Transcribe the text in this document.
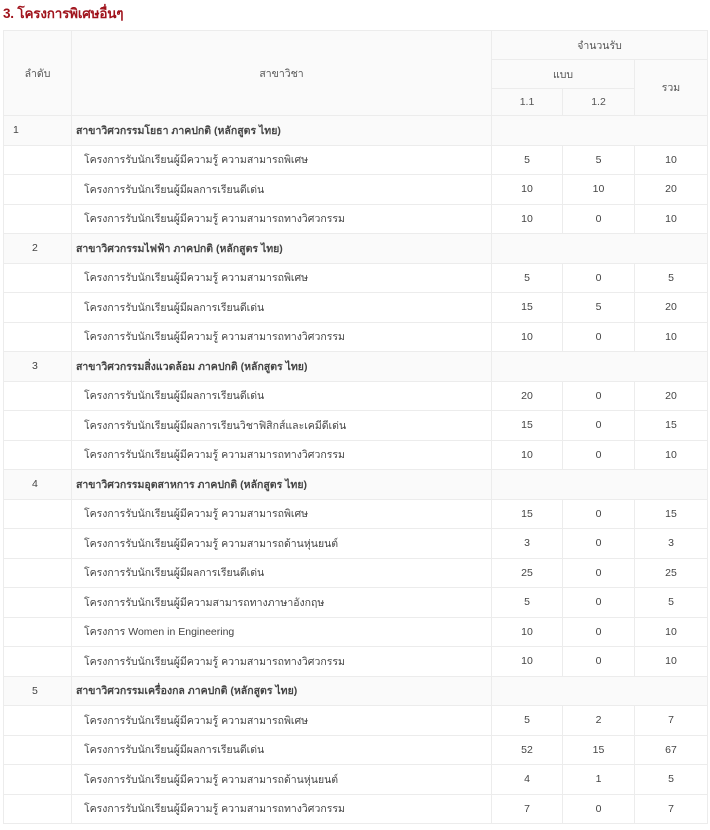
3. โครงการพิเศษอื่นๆ
ลำดับ	สาขาวิชา	จำนวนรับ		
		แบบ		รวม
		1.1	1.2	
1	สาขาวิศวกรรมโยธา ภาคปกติ (หลักสูตร ไทย)			
	โครงการรับนักเรียนผู้มีความรู้ ความสามารถพิเศษ	5	5	10
	โครงการรับนักเรียนผู้มีผลการเรียนดีเด่น	10	10	20
	โครงการรับนักเรียนผู้มีความรู้ ความสามารถทางวิศวกรรม	10	0	10
2	สาขาวิศวกรรมไฟฟ้า ภาคปกติ (หลักสูตร ไทย)			
	โครงการรับนักเรียนผู้มีความรู้ ความสามารถพิเศษ	5	0	5
	โครงการรับนักเรียนผู้มีผลการเรียนดีเด่น	15	5	20
	โครงการรับนักเรียนผู้มีความรู้ ความสามารถทางวิศวกรรม	10	0	10
3	สาขาวิศวกรรมสิ่งแวดล้อม ภาคปกติ (หลักสูตร ไทย)			
	โครงการรับนักเรียนผู้มีผลการเรียนดีเด่น	20	0	20
	โครงการรับนักเรียนผู้มีผลการเรียนวิชาฟิสิกส์และเคมีดีเด่น	15	0	15
	โครงการรับนักเรียนผู้มีความรู้ ความสามารถทางวิศวกรรม	10	0	10
4	สาขาวิศวกรรมอุตสาหการ ภาคปกติ (หลักสูตร ไทย)			
	โครงการรับนักเรียนผู้มีความรู้ ความสามารถพิเศษ	15	0	15
	โครงการรับนักเรียนผู้มีความรู้ ความสามารถด้านหุ่นยนต์	3	0	3
	โครงการรับนักเรียนผู้มีผลการเรียนดีเด่น	25	0	25
	โครงการรับนักเรียนผู้มีความสามารถทางภาษาอังกฤษ	5	0	5
	โครงการ Women in Engineering	10	0	10
	โครงการรับนักเรียนผู้มีความรู้ ความสามารถทางวิศวกรรม	10	0	10
5	สาขาวิศวกรรมเครื่องกล ภาคปกติ (หลักสูตร ไทย)			
	โครงการรับนักเรียนผู้มีความรู้ ความสามารถพิเศษ	5	2	7
	โครงการรับนักเรียนผู้มีผลการเรียนดีเด่น	52	15	67
	โครงการรับนักเรียนผู้มีความรู้ ความสามารถด้านหุ่นยนต์	4	1	5
	โครงการรับนักเรียนผู้มีความรู้ ความสามารถทางวิศวกรรม	7	0	7
